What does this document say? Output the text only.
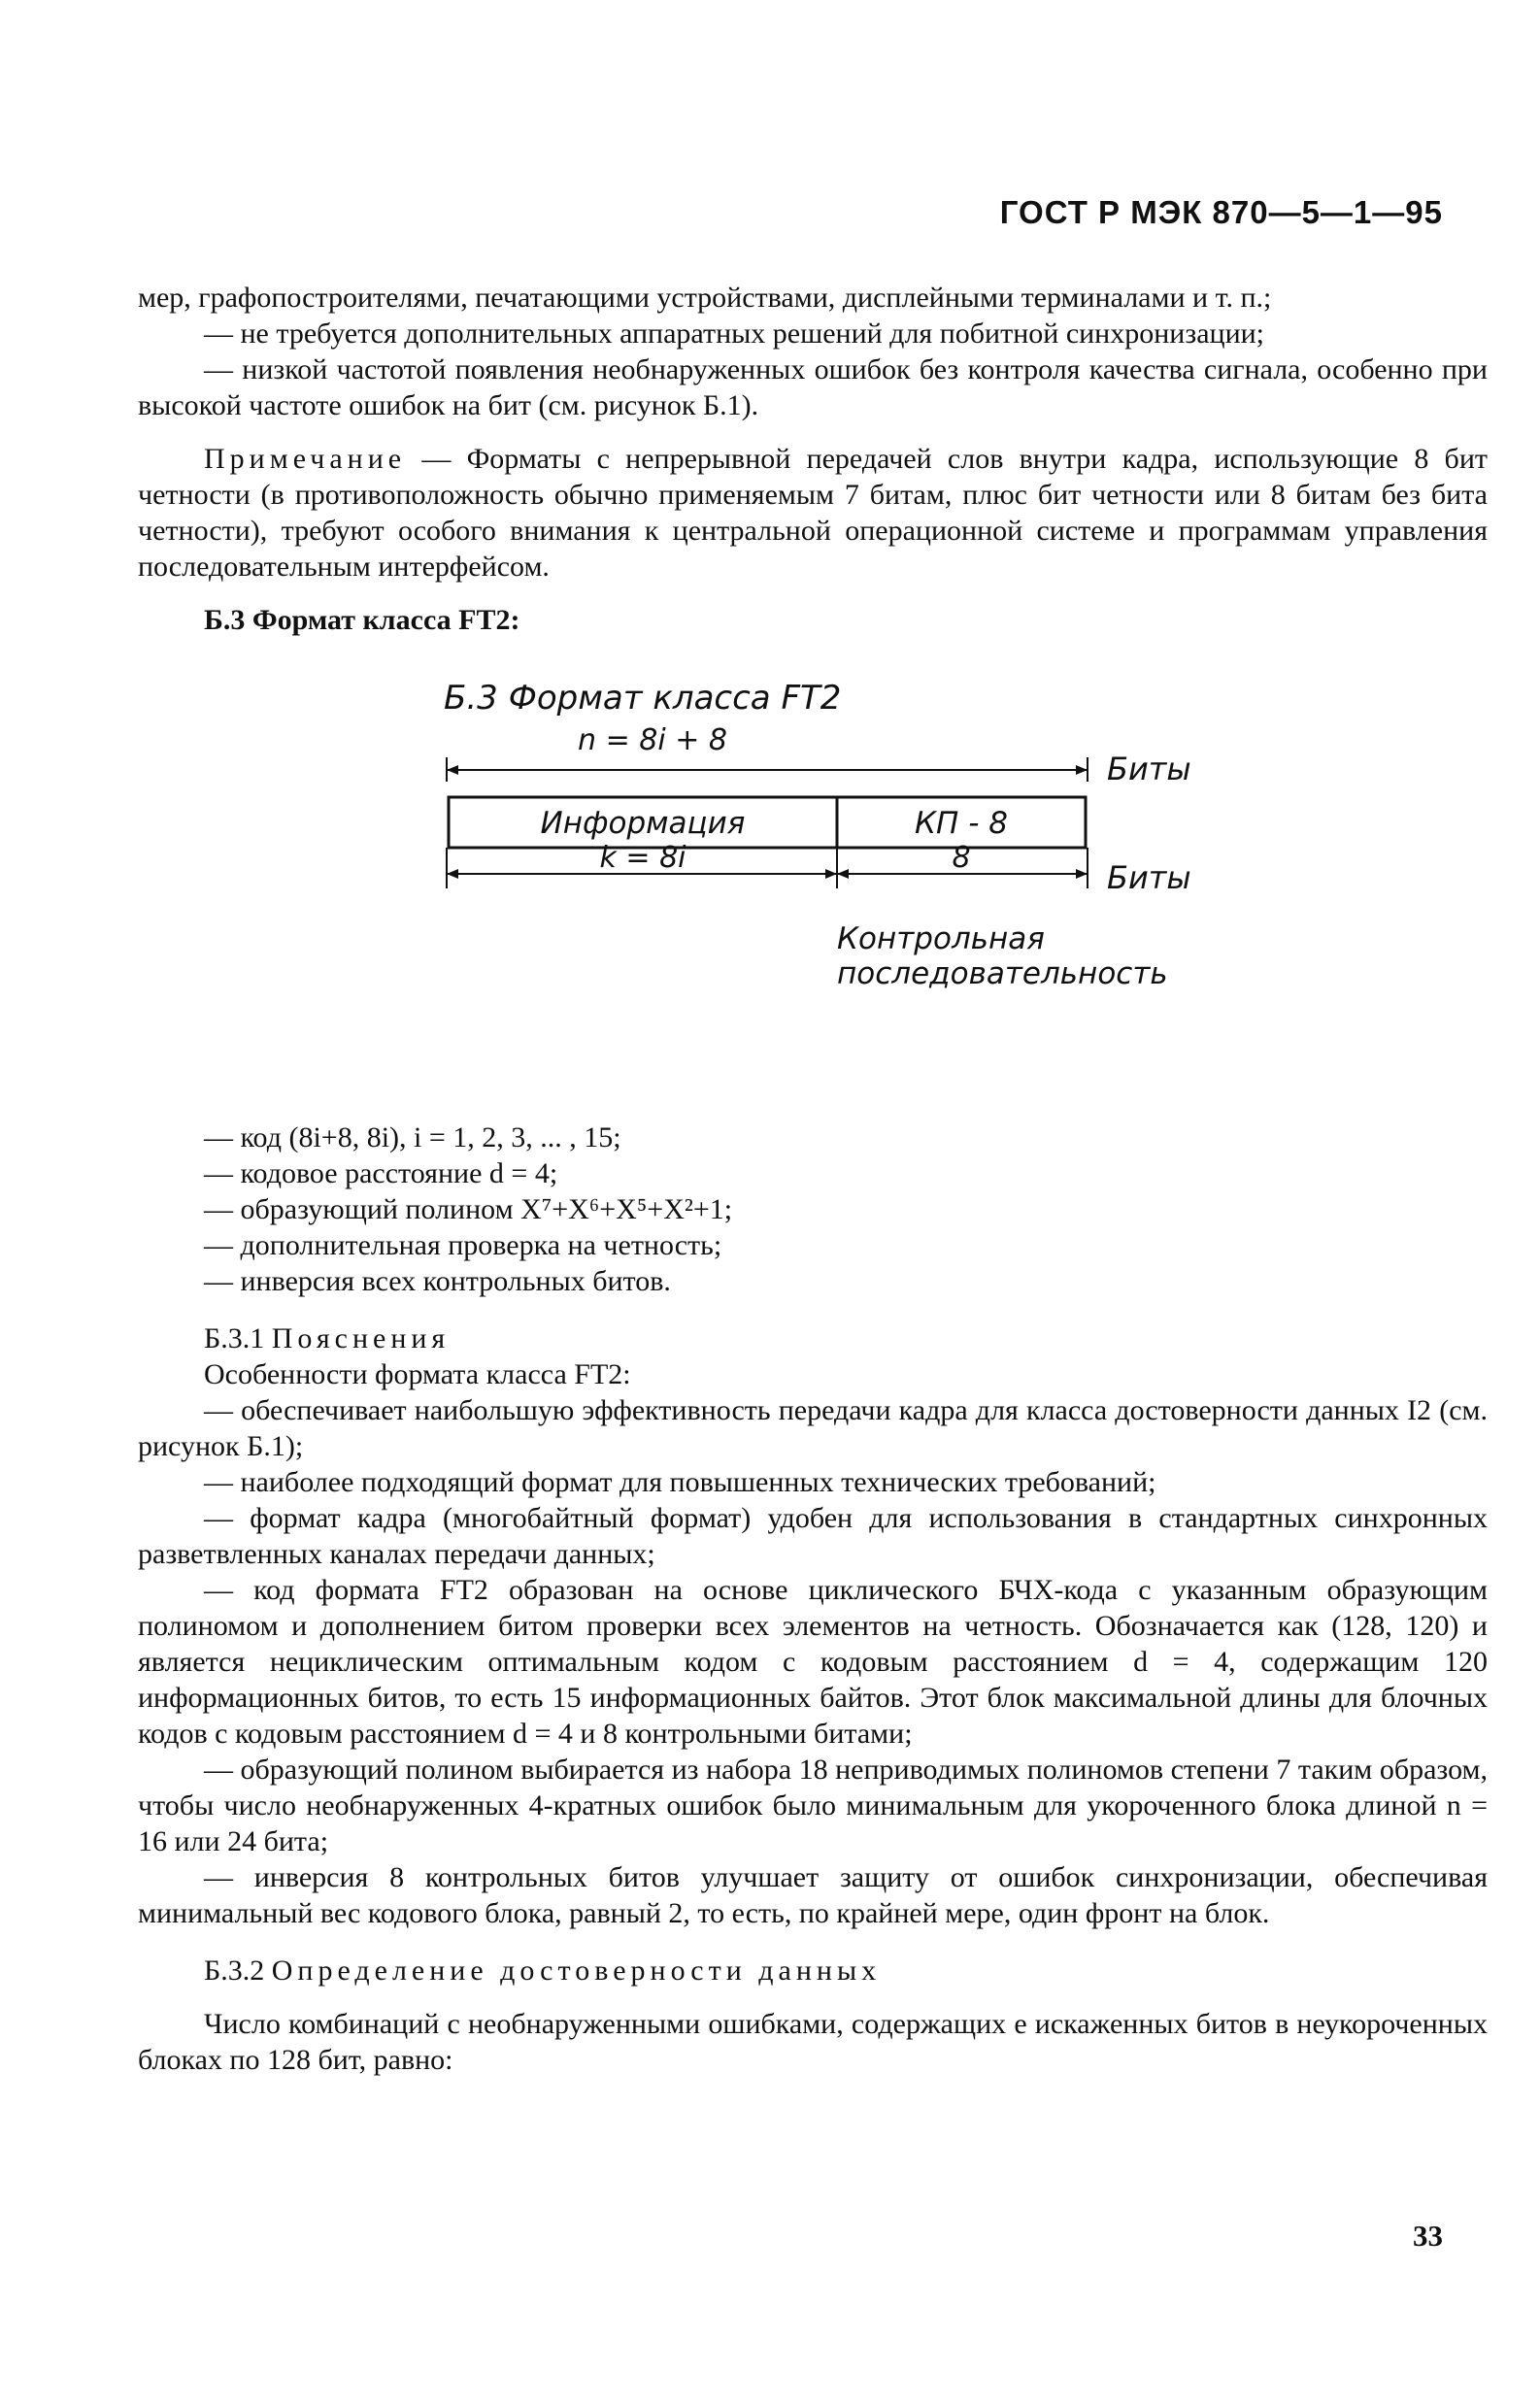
ГОСТ Р МЭК 870—5—1—95

мер, графопостроителями, печатающими устройствами, дисплейными терминалами и т. п.;

— не требуется дополнительных аппаратных решений для побитной синхронизации;

— низкой частотой появления необнаруженных ошибок без контроля качества сигнала, особенно при высокой частоте ошибок на бит (см. рисунок Б.1).

Примечание — Форматы с непрерывной передачей слов внутри кадра, использующие 8 бит четности (в противоположность обычно применяемым 7 битам, плюс бит четности или 8 битам без бита четности), требуют особого внимания к центральной операционной системе и программам управления последовательным интерфейсом.

Б.3 Формат класса FT2:

Б.3 Формат класса FT2
n = 8i + 8
Биты
Информация	КП - 8
k = 8i	8
Биты
Контрольная
последовательность

— код (8i+8, 8i), i = 1, 2, 3, ... , 15;

— кодовое расстояние d = 4;

— образующий полином X⁷+X⁶+X⁵+X²+1;

— дополнительная проверка на четность;

— инверсия всех контрольных битов.

Б.3.1 Пояснения

Особенности формата класса FT2:

— обеспечивает наибольшую эффективность передачи кадра для класса достоверности данных I2 (см. рисунок Б.1);

— наиболее подходящий формат для повышенных технических требований;

— формат кадра (многобайтный формат) удобен для использования в стандартных синхронных разветвленных каналах передачи данных;

— код формата FT2 образован на основе циклического БЧХ-кода с указанным образующим полиномом и дополнением битом проверки всех элементов на четность. Обозначается как (128, 120) и является нециклическим оптимальным кодом с кодовым расстоянием d = 4, содержащим 120 информационных битов, то есть 15 информационных байтов. Этот блок максимальной длины для блочных кодов с кодовым расстоянием d = 4 и 8 контрольными битами;

— образующий полином выбирается из набора 18 неприводимых полиномов степени 7 таким образом, чтобы число необнаруженных 4-кратных ошибок было минимальным для укороченного блока длиной n = 16 или 24 бита;

— инверсия 8 контрольных битов улучшает защиту от ошибок синхронизации, обеспечивая минимальный вес кодового блока, равный 2, то есть, по крайней мере, один фронт на блок.

Б.3.2 Определение достоверности данных

Число комбинаций с необнаруженными ошибками, содержащих e искаженных битов в неукороченных блоках по 128 бит, равно:

33
